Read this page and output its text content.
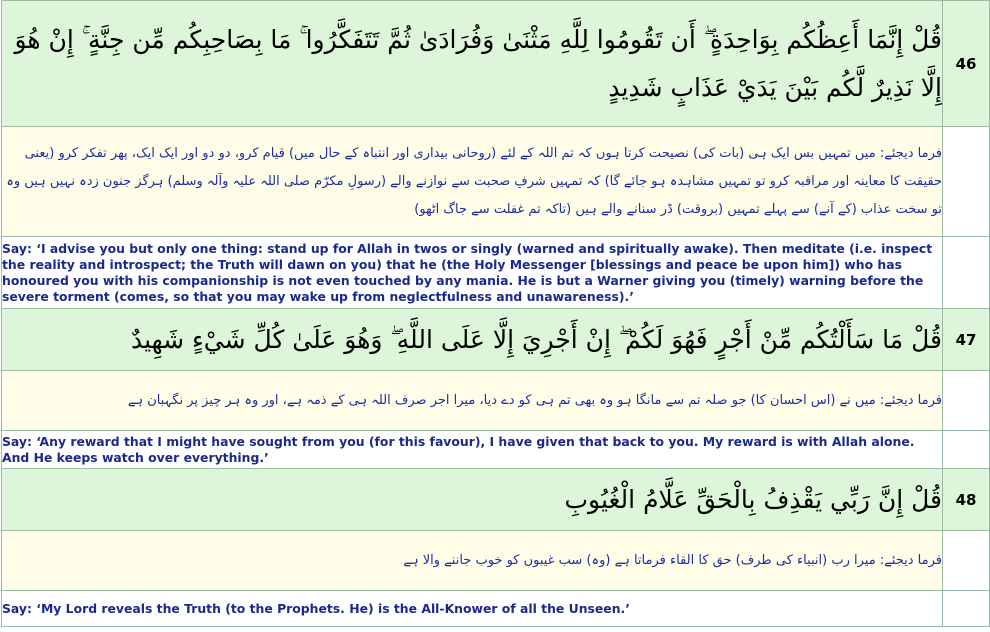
قُلْ إِنَّمَا أَعِظُكُم بِوَاحِدَةٍ ۖ أَن تَقُومُوا لِلَّهِ مَثْنَىٰ وَفُرَادَىٰ ثُمَّ تَتَفَكَّرُوا ۚ مَا بِصَاحِبِكُم مِّن جِنَّةٍ ۚ إِنْ هُوَ إِلَّا نَذِيرٌ لَّكُم بَيْنَ يَدَيْ عَذَابٍ شَدِيدٍ	46
فرما دیجئے: میں تمہیں بس ایک ہی (بات کی) نصیحت کرتا ہوں کہ تم اللہ کے لئے (روحانی بیداری اور انتباہ کے حال میں) قیام کرو، دو دو اور ایک ایک، پھر تفکر کرو (یعنی حقیقت کا معاینہ اور مراقبہ کرو تو تمہیں مشاہدہ ہو جائے گا) کہ تمہیں شرفِ صحبت سے نوازنے والے (رسولِ مکرّم صلی اللہ علیہ وآلہ وسلم) ہرگز جنون زدہ نہیں ہیں وہ تو سخت عذاب (کے آنے) سے پہلے تمہیں (بروقت) ڈر سنانے والے ہیں (تاکہ تم غفلت سے جاگ اٹھو)	
Say: ‘I advise you but only one thing: stand up for Allah in twos or singly (warned and spiritually awake). Then meditate (i.e. inspect the reality and introspect; the Truth will dawn on you) that he (the Holy Messenger [blessings and peace be upon him]) who has honoured you with his companionship is not even touched by any mania. He is but a Warner giving you (timely) warning before the severe torment (comes, so that you may wake up from neglectfulness and unawareness).’	
قُلْ مَا سَأَلْتُكُم مِّنْ أَجْرٍ فَهُوَ لَكُمْ ۖ إِنْ أَجْرِيَ إِلَّا عَلَى اللَّهِ ۖ وَهُوَ عَلَىٰ كُلِّ شَيْءٍ شَهِيدٌ	47
فرما دیجئے: میں نے (اس احسان کا) جو صلہ تم سے مانگا ہو وہ بھی تم ہی کو دے دیا، میرا اجر صرف اللہ ہی کے ذمہ ہے، اور وہ ہر چیز پر نگہبان ہے	
Say: ‘Any reward that I might have sought from you (for this favour), I have given that back to you. My reward is with Allah alone. And He keeps watch over everything.’	
قُلْ إِنَّ رَبِّي يَقْذِفُ بِالْحَقِّ عَلَّامُ الْغُيُوبِ	48
فرما دیجئے: میرا رب (انبیاء کی طرف) حق کا القاء فرماتا ہے (وہ) سب غیبوں کو خوب جاننے والا ہے	
Say: ‘My Lord reveals the Truth (to the Prophets. He) is the All-Knower of all the Unseen.’	
